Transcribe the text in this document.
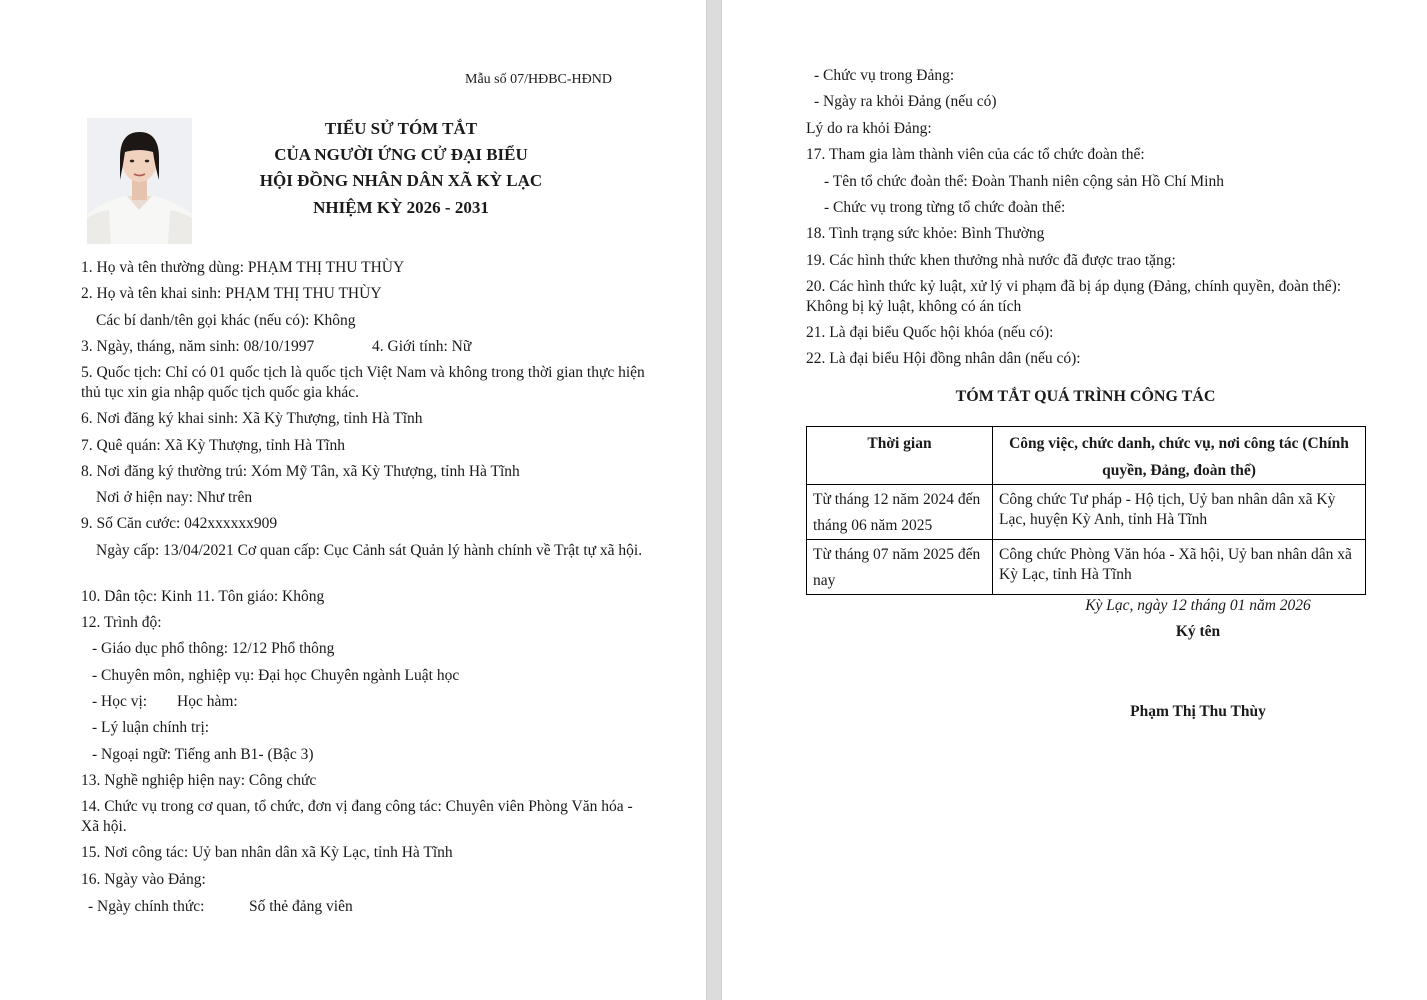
Mẫu số 07/HĐBC-HĐND
TIỂU SỬ TÓM TẮT
CỦA NGƯỜI ỨNG CỬ ĐẠI BIỂU
HỘI ĐỒNG NHÂN DÂN XÃ KỲ LẠC
NHIỆM KỲ 2026 - 2031
1. Họ và tên thường dùng: PHẠM THỊ THU THÙY
2. Họ và tên khai sinh: PHẠM THỊ THU THÙY
Các bí danh/tên gọi khác (nếu có): Không
3. Ngày, tháng, năm sinh: 08/10/1997	4. Giới tính: Nữ
5. Quốc tịch: Chỉ có 01 quốc tịch là quốc tịch Việt Nam và không trong thời gian thực hiện thủ tục xin gia nhập quốc tịch quốc gia khác.
6. Nơi đăng ký khai sinh: Xã Kỳ Thượng, tỉnh Hà Tĩnh
7. Quê quán: Xã Kỳ Thượng, tỉnh Hà Tĩnh
8. Nơi đăng ký thường trú: Xóm Mỹ Tân, xã Kỳ Thượng, tỉnh Hà Tĩnh
Nơi ở hiện nay: Như trên
9. Số Căn cước: 042xxxxxx909
Ngày cấp: 13/04/2021 Cơ quan cấp: Cục Cảnh sát Quản lý hành chính về Trật tự xã hội.
10. Dân tộc: Kinh 11. Tôn giáo: Không
12. Trình độ:
- Giáo dục phổ thông: 12/12 Phổ thông
- Chuyên môn, nghiệp vụ: Đại học Chuyên ngành Luật học
- Học vị: Học hàm:
- Lý luận chính trị:
- Ngoại ngữ: Tiếng anh B1- (Bậc 3)
13. Nghề nghiệp hiện nay: Công chức
14. Chức vụ trong cơ quan, tổ chức, đơn vị đang công tác: Chuyên viên Phòng Văn hóa - Xã hội.
15. Nơi công tác: Uỷ ban nhân dân xã Kỳ Lạc, tỉnh Hà Tĩnh
16. Ngày vào Đảng:
- Ngày chính thức:	Số thẻ đảng viên
- Chức vụ trong Đảng:
- Ngày ra khỏi Đảng (nếu có)
Lý do ra khỏi Đảng:
17. Tham gia làm thành viên của các tổ chức đoàn thể:
- Tên tổ chức đoàn thể: Đoàn Thanh niên cộng sản Hồ Chí Minh
- Chức vụ trong từng tổ chức đoàn thể:
18. Tình trạng sức khỏe: Bình Thường
19. Các hình thức khen thưởng nhà nước đã được trao tặng:
20. Các hình thức kỷ luật, xử lý vi phạm đã bị áp dụng (Đảng, chính quyền, đoàn thể): Không bị kỷ luật, không có án tích
21. Là đại biểu Quốc hội khóa (nếu có):
22. Là đại biểu Hội đồng nhân dân (nếu có):
TÓM TẮT QUÁ TRÌNH CÔNG TÁC
Thời gian	Công việc, chức danh, chức vụ, nơi công tác (Chính quyền, Đảng, đoàn thể)
Từ tháng 12 năm 2024 đến tháng 06 năm 2025	Công chức Tư pháp - Hộ tịch, Uỷ ban nhân dân xã Kỳ Lạc, huyện Kỳ Anh, tỉnh Hà Tĩnh
Từ tháng 07 năm 2025 đến nay	Công chức Phòng Văn hóa - Xã hội, Uỷ ban nhân dân xã Kỳ Lạc, tỉnh Hà Tĩnh
Kỳ Lạc, ngày 12 tháng 01 năm 2026
Ký tên
Phạm Thị Thu Thùy
